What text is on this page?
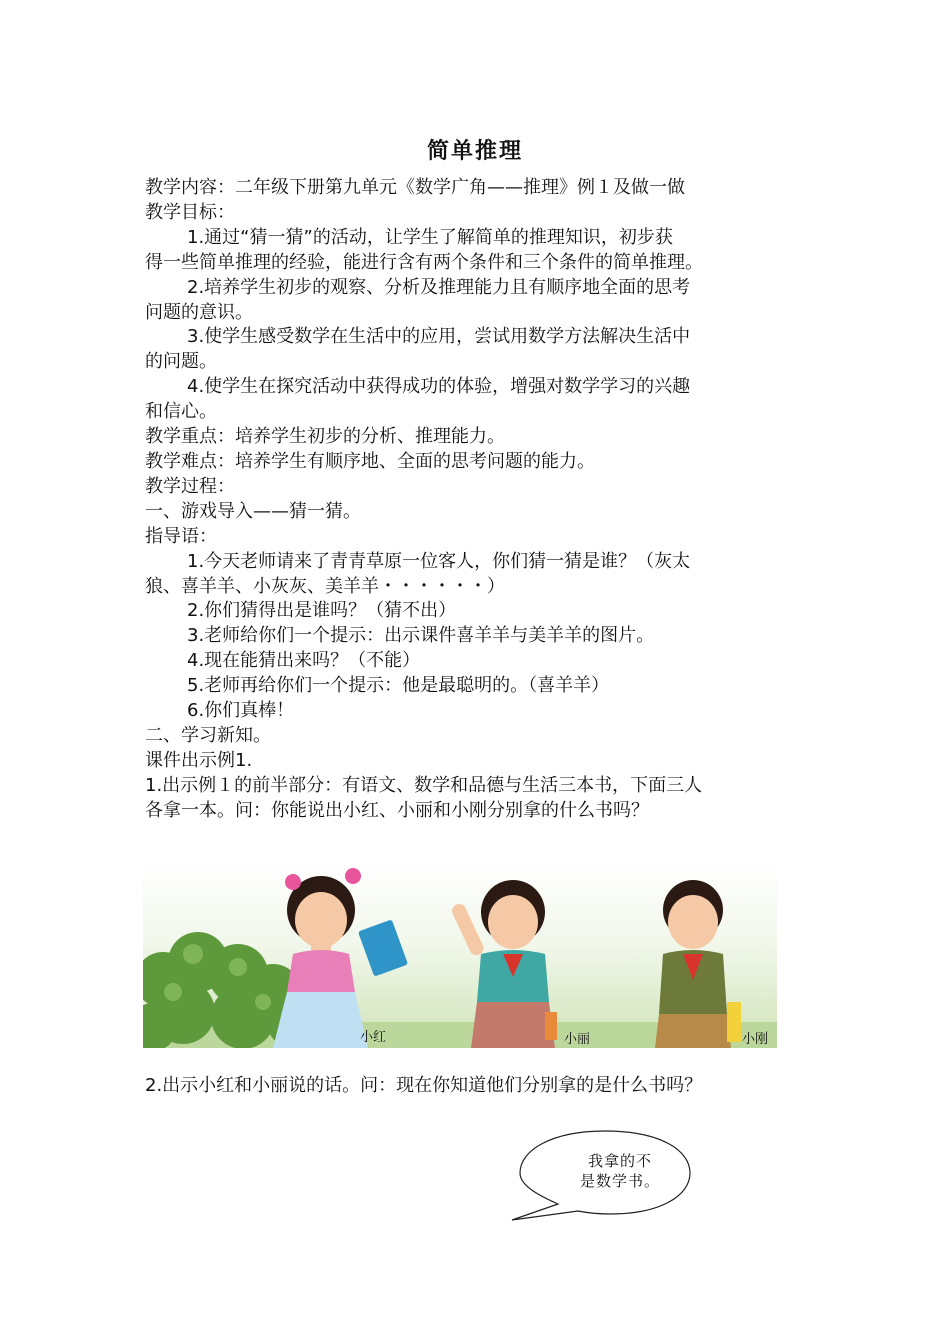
简单推理

教学内容：二年级下册第九单元《数学广角——推理》例１及做一做

教学目标：

1.通过“猜一猜”的活动，让学生了解简单的推理知识，初步获

得一些简单推理的经验，能进行含有两个条件和三个条件的简单推理。

2.培养学生初步的观察、分析及推理能力且有顺序地全面的思考

问题的意识。

3.使学生感受数学在生活中的应用，尝试用数学方法解决生活中

的问题。

4.使学生在探究活动中获得成功的体验，增强对数学学习的兴趣

和信心。

教学重点：培养学生初步的分析、推理能力。

教学难点：培养学生有顺序地、全面的思考问题的能力。

教学过程：

一、游戏导入——猜一猜。

指导语：

1.今天老师请来了青青草原一位客人，你们猜一猜是谁？（灰太

狼、喜羊羊、小灰灰、美羊羊・・・・・・）

2.你们猜得出是谁吗？（猜不出）

3.老师给你们一个提示：出示课件喜羊羊与美羊羊的图片。

4.现在能猜出来吗？（不能）

5.老师再给你们一个提示：他是最聪明的。（喜羊羊）

6.你们真棒！

二、学习新知。

课件出示例1.

1.出示例１的前半部分：有语文、数学和品德与生活三本书，下面三人

各拿一本。问：你能说出小红、小丽和小刚分别拿的什么书吗？

小红	小丽	小刚
2.出示小红和小丽说的话。问：现在你知道他们分别拿的是什么书吗？
我拿的不
是数学书。
